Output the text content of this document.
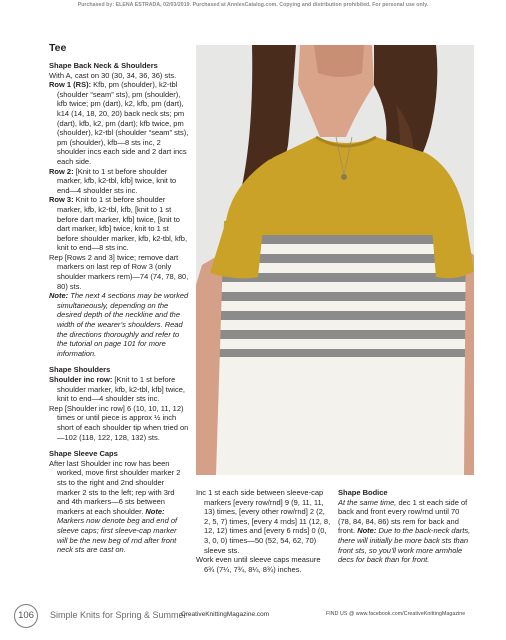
Purchased by: ELENA ESTRADA, 02/03/2019. Purchased at AnniesCatalog.com. Copying and distribution prohibited. For personal use only.
Tee
Shape Back Neck & Shoulders

With A, cast on 30 (30, 34, 36, 36) sts.

Row 1 (RS): Kfb, pm (shoulder), k2-tbl (shoulder “seam” sts), pm (shoulder), kfb twice; pm (dart), k2, kfb, pm (dart), k14 (14, 18, 20, 20) back neck sts; pm (dart), kfb, k2, pm (dart); kfb twice, pm (shoulder), k2-tbl (shoulder “seam” sts), pm (shoulder), kfb—8 sts inc, 2 shoulder incs each side and 2 dart incs each side.

Row 2: [Knit to 1 st before shoulder marker, kfb, k2-tbl, kfb] twice, knit to end—4 shoulder sts inc.

Row 3: Knit to 1 st before shoulder marker, kfb, k2-tbl, kfb, [knit to 1 st before dart marker, kfb] twice, [knit to dart marker, kfb] twice, knit to 1 st before shoulder marker, kfb, k2-tbl, kfb, knit to end—8 sts inc.

Rep [Rows 2 and 3] twice; remove dart markers on last rep of Row 3 (only shoulder markers rem)—74 (74, 78, 80, 80) sts.

Note: The next 4 sections may be worked simultaneously, depending on the desired depth of the neckline and the width of the wearer’s shoulders. Read the directions thoroughly and refer to the tutorial on page 101 for more information.

Shape Shoulders

Shoulder inc row: [Knit to 1 st before shoulder marker, kfb, k2-tbl, kfb] twice, knit to end—4 shoulder sts inc.

Rep [Shoulder inc row] 6 (10, 10, 11, 12) times or until piece is approx ½ inch short of each shoulder tip when tried on—102 (118, 122, 128, 132) sts.

Shape Sleeve Caps

After last Shoulder inc row has been worked, move first shoulder marker 2 sts to the right and 2nd shoulder marker 2 sts to the left; rep with 3rd and 4th markers—6 sts between markers at each shoulder. Note: Markers now denote beg and end of sleeve caps; first sleeve-cap marker will be the new beg of rnd after front neck sts are cast on.

Inc 1 st each side between sleeve-cap markers [every row/rnd] 9 (9, 11, 11, 13) times, [every other row/rnd] 2 (2, 2, 5, 7) times, [every 4 rnds] 11 (12, 8, 12, 12) times and [every 6 rnds] 0 (0, 3, 0, 0) times—50 (52, 54, 62, 70) sleeve sts.

Work even until sleeve caps measure 6¾ (7¼, 7¾, 8¼, 8¾) inches.

Shape Bodice

At the same time, dec 1 st each side of back and front every row/rnd until 70 (78, 84, 84, 86) sts rem for back and front. Note: Due to the back-neck darts, there will initially be more back sts than front sts, so you’ll work more armhole decs for back than for front.

106	Simple Knits for Spring & Summer
CreativeKnittingMagazine.com	FIND US @ www.facebook.com/CreativeKnittingMagazine
